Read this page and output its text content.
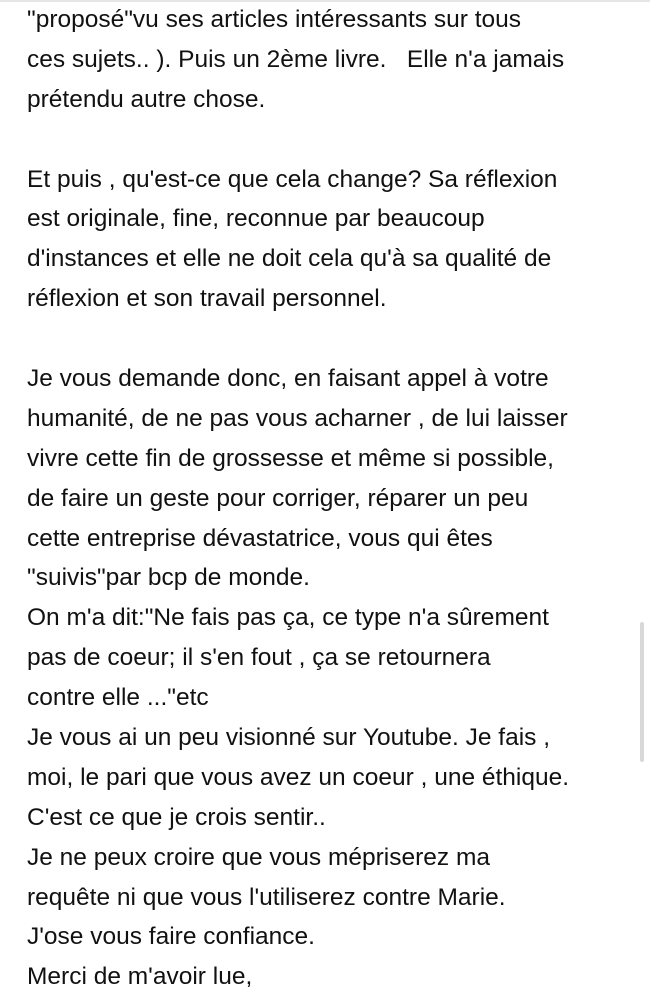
"proposé"vu ses articles intéressants sur tous
ces sujets.. ). Puis un 2ème livre.   Elle n'a jamais
prétendu autre chose.
Et puis , qu'est-ce que cela change? Sa réflexion
est originale, fine, reconnue par beaucoup
d'instances et elle ne doit cela qu'à sa qualité de
réflexion et son travail personnel.
Je vous demande donc, en faisant appel à votre
humanité, de ne pas vous acharner , de lui laisser
vivre cette fin de grossesse et même si possible,
de faire un geste pour corriger, réparer un peu
cette entreprise dévastatrice, vous qui êtes
"suivis"par bcp de monde.
On m'a dit:"Ne fais pas ça, ce type n'a sûrement
pas de coeur; il s'en fout , ça se retournera
contre elle ..."etc
Je vous ai un peu visionné sur Youtube. Je fais ,
moi, le pari que vous avez un coeur , une éthique.
C'est ce que je crois sentir..
Je ne peux croire que vous mépriserez ma
requête ni que vous l'utiliserez contre Marie.
J'ose vous faire confiance.
Merci de m'avoir lue,
